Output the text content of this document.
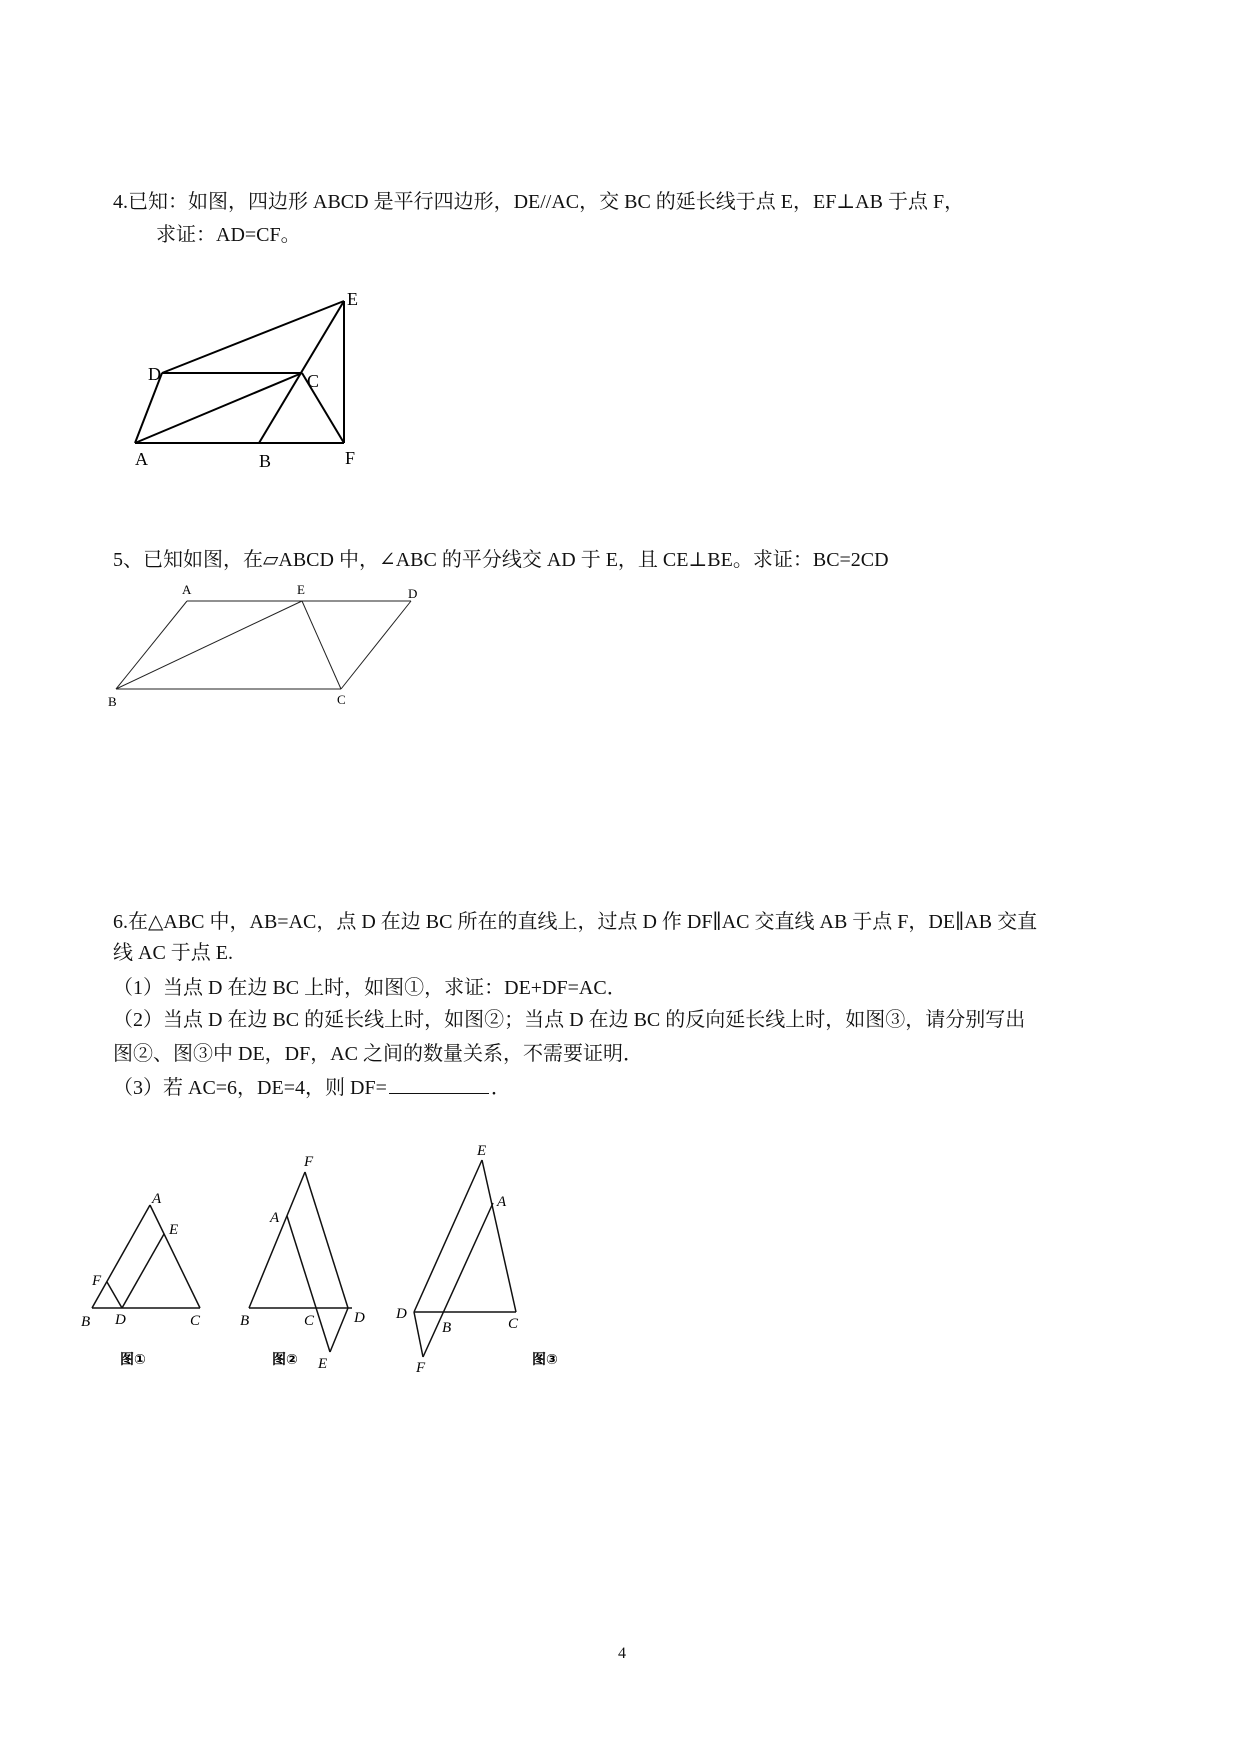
4.已知：如图，四边形 ABCD 是平行四边形，DE//AC，交 BC 的延长线于点 E，EF⊥AB 于点 F，
求证：AD=CF。
A	B
C
D
E
F
5、已知如图，在▱ABCD 中，∠ABC 的平分线交 AD 于 E，且 CE⊥BE。求证：BC=2CD
A	E	D
B	C
6.在△ABC 中，AB=AC，点 D 在边 BC 所在的直线上，过点 D 作 DF∥AC 交直线 AB 于点 F，DE∥AB 交直
线 AC 于点 E.
（1）当点 D 在边 BC 上时，如图①，求证：DE+DF=AC．
（2）当点 D 在边 BC 的延长线上时，如图②；当点 D 在边 BC 的反向延长线上时，如图③，请分别写出
图②、图③中 DE，DF，AC 之间的数量关系，不需要证明．
（3）若 AC=6，DE=4，则 DF=	．
A
E
F
B D	C
图①
F
A
B	C	D
E
图②
E
A
D
B	C
F	图③
4
